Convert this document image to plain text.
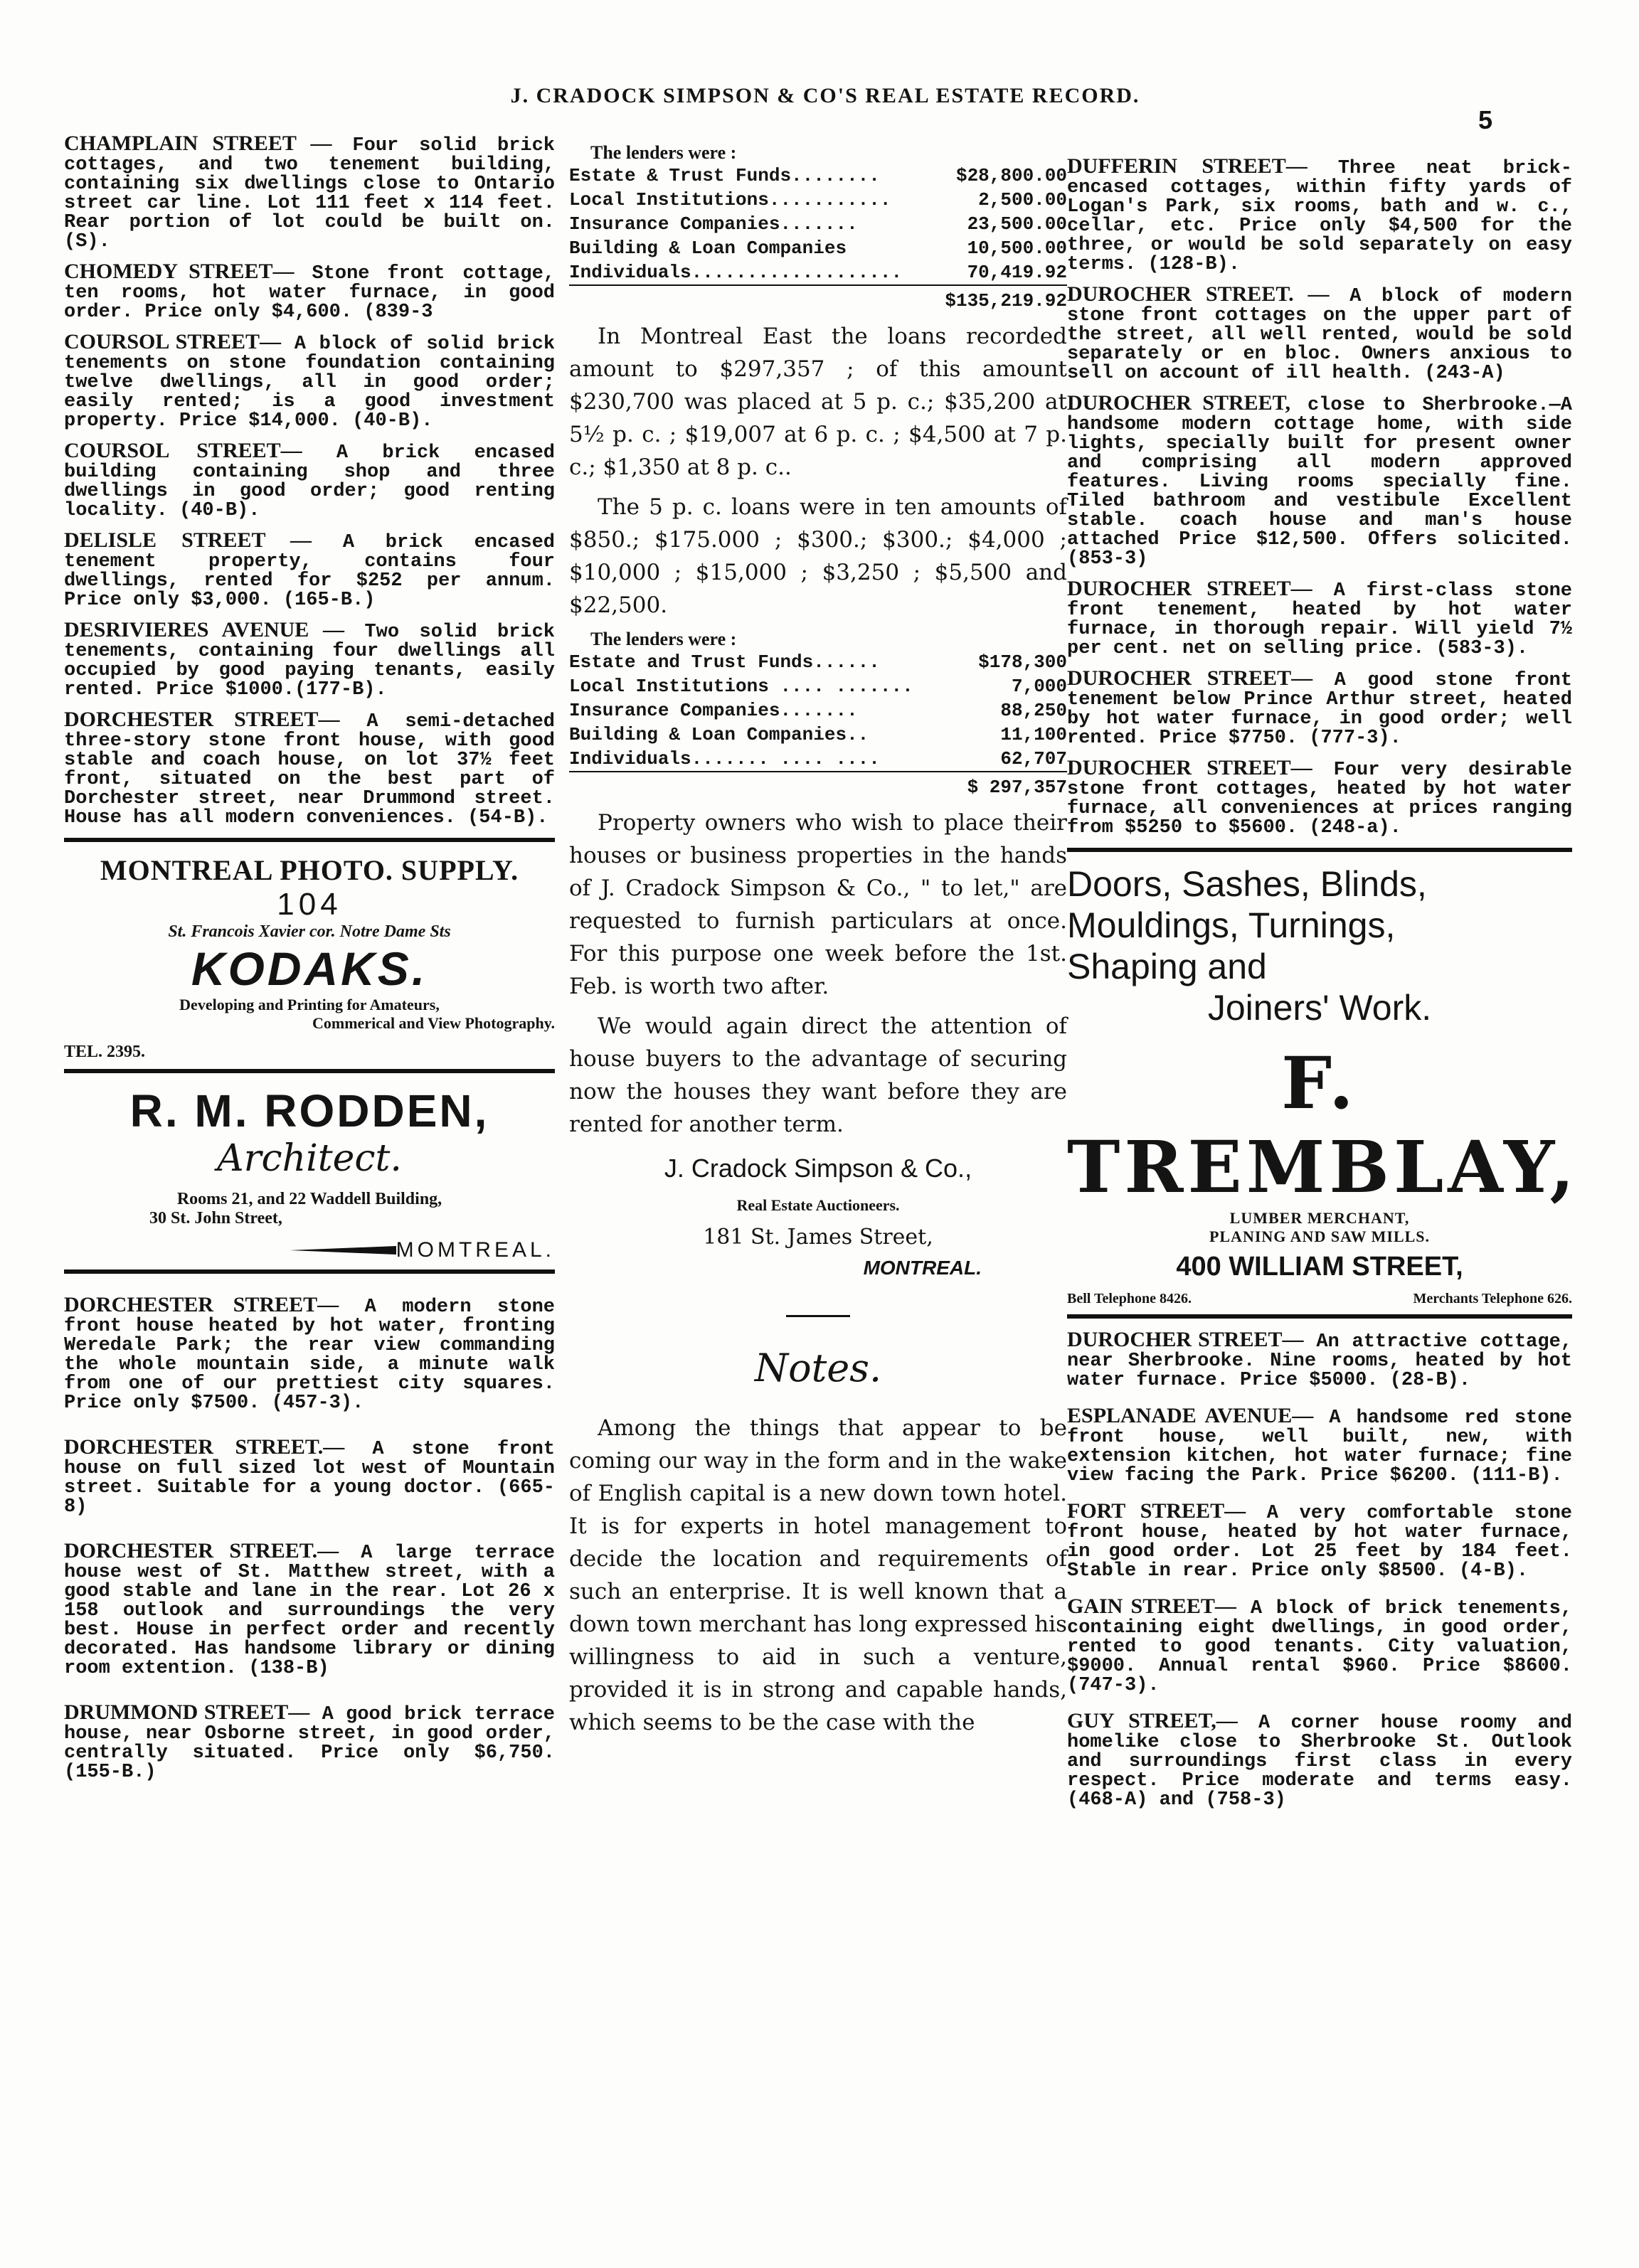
J. CRADOCK SIMPSON & CO'S REAL ESTATE RECORD.
5

CHAMPLAIN STREET — Four solid brick cottages, and two tenement building, containing six dwellings close to Ontario street car line. Lot 111 feet x 114 feet. Rear portion of lot could be built on. (S).

CHOMEDY STREET— Stone front cottage, ten rooms, hot water furnace, in good order. Price only $4,600. (839-3

COURSOL STREET— A block of solid brick tenements on stone foundation containing twelve dwellings, all in good order; easily rented; is a good investment property. Price $14,000. (40-B).

COURSOL STREET— A brick encased building containing shop and three dwellings in good order; good renting locality. (40-B).

DELISLE STREET — A brick encased tenement property, contains four dwellings, rented for $252 per annum. Price only $3,000. (165-B.)

DESRIVIERES AVENUE — Two solid brick tenements, containing four dwellings all occupied by good paying tenants, easily rented. Price $1000.(177-B).

DORCHESTER STREET— A semi-detached three-story stone front house, with good stable and coach house, on lot 37½ feet front, situated on the best part of Dorchester street, near Drummond street. House has all modern conveniences. (54-B).

MONTREAL PHOTO. SUPPLY.
104
St. Francois Xavier cor. Notre Dame Sts
KODAKS.
Developing and Printing for Amateurs,
Commerical and View Photography.
TEL. 2395.
R. M. RODDEN,
Architect.
Rooms 21, and 22 Waddell Building,
30 St. John Street,
MOMTREAL.

DORCHESTER STREET— A modern stone front house heated by hot water, fronting Weredale Park; the rear view commanding the whole mountain side, a minute walk from one of our prettiest city squares. Price only $7500. (457-3).

DORCHESTER STREET.— A stone front house on full sized lot west of Mountain street. Suitable for a young doctor. (665-8)

DORCHESTER STREET.— A large terrace house west of St. Matthew street, with a good stable and lane in the rear. Lot 26 x 158 outlook and surroundings the very best. House in perfect order and recently decorated. Has handsome library or dining room extention. (138-B)

DRUMMOND STREET— A good brick terrace house, near Osborne street, in good order, centrally situated. Price only $6,750. (155-B.)

The lenders were :
Estate & Trust Funds........	$28,800.00
Local Institutions...........	2,500.00
Insurance Companies.......	23,500.00
Building & Loan Companies	10,500.00
Individuals...................	70,419.92
	$135,219.92

In Montreal East the loans recorded amount to $297,357 ; of this amount $230,700 was placed at 5 p. c.; $35,200 at 5½ p. c. ; $19,007 at 6 p. c. ; $4,500 at 7 p. c.; $1,350 at 8 p. c..

The 5 p. c. loans were in ten amounts of $850.; $175.000 ; $300.; $300.; $4,000 ; $10,000 ; $15,000 ; $3,250 ; $5,500 and $22,500.

The lenders were :
Estate and Trust Funds......	$178,300
Local Institutions .... .......	7,000
Insurance Companies.......	88,250
Building & Loan Companies..	11,100
Individuals....... .... ....	62,707
	$ 297,357

Property owners who wish to place their houses or business properties in the hands of J. Cradock Simpson & Co., " to let," are requested to furnish particulars at once. For this purpose one week before the 1st. Feb. is worth two after.

We would again direct the attention of house buyers to the advantage of securing now the houses they want before they are rented for another term.

J. Cradock Simpson & Co.,
Real Estate Auctioneers.
181 St. James Street,
MONTREAL.
Notes.

Among the things that appear to be coming our way in the form and in the wake of English capital is a new down town hotel. It is for experts in hotel management to decide the location and requirements of such an enterprise. It is well known that a down town merchant has long expressed his willingness to aid in such a venture, provided it is in strong and capable hands, which seems to be the case with the

DUFFERIN STREET— Three neat brick-encased cottages, within fifty yards of Logan's Park, six rooms, bath and w. c., cellar, etc. Price only $4,500 for the three, or would be sold separately on easy terms. (128-B).

DUROCHER STREET. — A block of modern stone front cottages on the upper part of the street, all well rented, would be sold separately or en bloc. Owners anxious to sell on account of ill health. (243-A)

DUROCHER STREET, close to Sherbrooke.—A handsome modern cottage home, with side lights, specially built for present owner and comprising all modern approved features. Living rooms specially fine. Tiled bathroom and vestibule Excellent stable. coach house and man's house attached Price $12,500. Offers solicited. (853-3)

DUROCHER STREET— A first-class stone front tenement, heated by hot water furnace, in thorough repair. Will yield 7½ per cent. net on selling price. (583-3).

DUROCHER STREET— A good stone front tenement below Prince Arthur street, heated by hot water furnace, in good order; well rented. Price $7750. (777-3).

DUROCHER STREET— Four very desirable stone front cottages, heated by hot water furnace, all conveniences at prices ranging from $5250 to $5600. (248-a).

Doors, Sashes, Blinds,
Mouldings, Turnings,
Shaping and
Joiners' Work.
F. TREMBLAY,
LUMBER MERCHANT,
PLANING AND SAW MILLS.
400 WILLIAM STREET,
Bell Telephone 8426.	Merchants Telephone 626.

DUROCHER STREET— An attractive cottage, near Sherbrooke. Nine rooms, heated by hot water furnace. Price $5000. (28-B).

ESPLANADE AVENUE— A handsome red stone front house, well built, new, with extension kitchen, hot water furnace; fine view facing the Park. Price $6200. (111-B).

FORT STREET— A very comfortable stone front house, heated by hot water furnace, in good order. Lot 25 feet by 184 feet. Stable in rear. Price only $8500. (4-B).

GAIN STREET— A block of brick tenements, containing eight dwellings, in good order, rented to good tenants. City valuation, $9000. Annual rental $960. Price $8600. (747-3).

GUY STREET,— A corner house roomy and homelike close to Sherbrooke St. Outlook and surroundings first class in every respect. Price moderate and terms easy. (468-A) and (758-3)
